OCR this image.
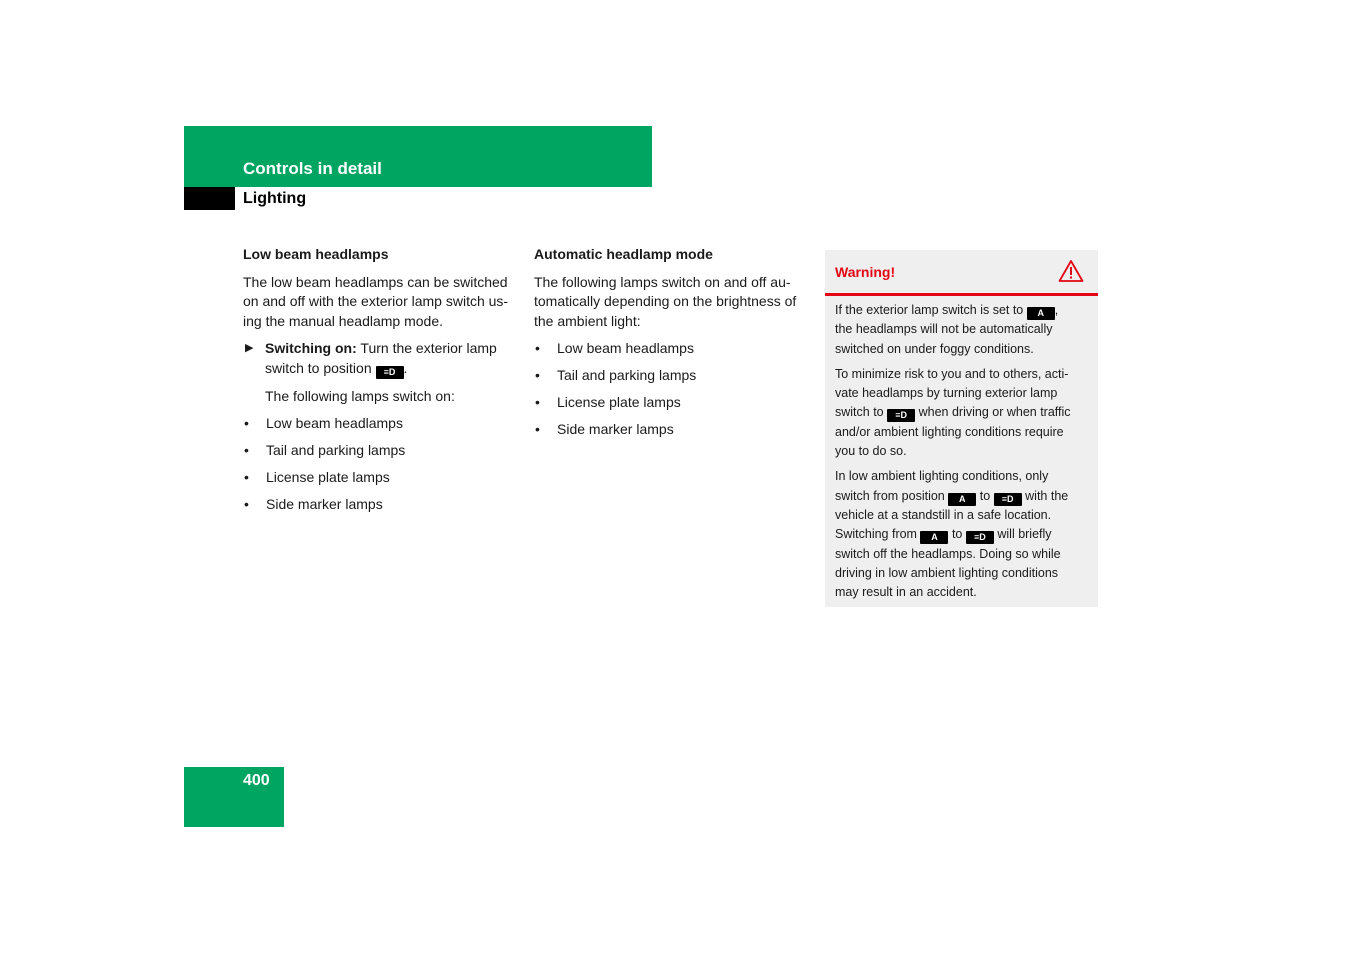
Controls in detail
Lighting
Low beam headlamps

The low beam headlamps can be switched
on and off with the exterior lamp switch us-
ing the manual headlamp mode.

▶ Switching on: Turn the exterior lamp
switch to position ≡D .

The following lamps switch on:

• Low beam headlamps
• Tail and parking lamps
• License plate lamps
• Side marker lamps
Automatic headlamp mode

The following lamps switch on and off au-
tomatically depending on the brightness of
the ambient light:

• Low beam headlamps
• Tail and parking lamps
• License plate lamps
• Side marker lamps
Warning!

If the exterior lamp switch is set to A ,
the headlamps will not be automatically
switched on under foggy conditions.

To minimize risk to you and to others, acti-
vate headlamps by turning exterior lamp
switch to ≡D when driving or when traffic
and/or ambient lighting conditions require
you to do so.

In low ambient lighting conditions, only
switch from position A to ≡D with the
vehicle at a standstill in a safe location.
Switching from A to ≡D will briefly
switch off the headlamps. Doing so while
driving in low ambient lighting conditions
may result in an accident.

400
